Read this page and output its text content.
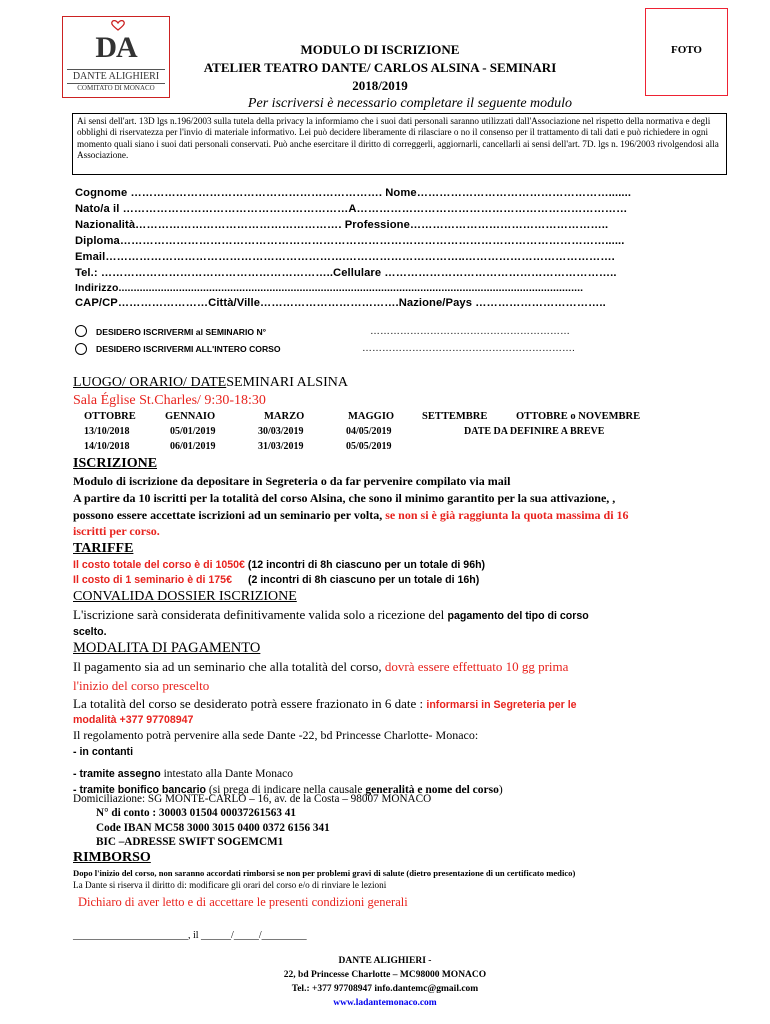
DA
DANTE ALIGHIERI
COMITATO DI MONACO
FOTO
MODULO DI ISCRIZIONE
ATELIER TEATRO DANTE/ CARLOS ALSINA - SEMINARI
2018/2019
Per iscriversi è necessario completare il seguente modulo
Ai sensi dell'art. 13D lgs n.196/2003 sulla tutela della privacy la informiamo che i suoi dati personali saranno utilizzati dall'Associazione nel rispetto della normativa e degli obblighi di riservatezza per l'invio di materiale informativo. Lei può decidere liberamente di rilasciare o no il consenso per il trattamento di tali dati e può richiedere in ogni momento quali siano i suoi dati personali conservati. Può anche esercitare il diritto di correggerli, aggiornarli, cancellarli ai sensi dell'art. 7D. lgs n. 196/2003 rivolgendosi alla Associazione.
Cognome …………………………………………………………. Nome…………………………………………….......
Nato/a il ……………………………………………………A………………………………………………………………
Nazionalità………………………………………………. Professione……………………………………………..
Diploma…………………………………………………………………………………………………………………......
Email……………………………………………………….…………………………..………………………………….
Tel.: ……………………………………………………..Cellulare ……………………………………………………..
Indirizzo..........................................................................................................................................................
CAP/CP……………………Città/Ville……………………………….Nazione/Pays ……………………………..
DESIDERO ISCRIVERMI al SEMINARIO N°	……………………………………………………
DESIDERO ISCRIVERMI ALL'INTERO CORSO	……………………………………………………….
LUOGO/ ORARIO/ DATESEMINARI ALSINA
Sala Église St.Charles/ 9:30-18:30
OTTOBRE	GENNAIO	MARZO	MAGGIO	SETTEMBRE	OTTOBRE o NOVEMBRE
13/10/2018	05/01/2019	30/03/2019	04/05/2019	DATE DA DEFINIRE A BREVE
14/10/2018	06/01/2019	31/03/2019	05/05/2019
ISCRIZIONE
Modulo di iscrizione da depositare in Segreteria o da far pervenire compilato via mail
A partire da 10 iscritti per la totalità del corso Alsina, che sono il minimo garantito per la sua attivazione, ,
possono essere accettate iscrizioni ad un seminario per volta, se non si è già raggiunta la quota massima di 16
iscritti per corso.
TARIFFE
Il costo totale del corso è di 1050€ (12 incontri di 8h ciascuno per un totale di 96h)
Il costo di 1 seminario è di 175€ (2 incontri di 8h ciascuno per un totale di 16h)
CONVALIDA DOSSIER ISCRIZIONE
L'iscrizione sarà considerata definitivamente valida solo a ricezione del pagamento del tipo di corso
scelto.
MODALITA DI PAGAMENTO
Il pagamento sia ad un seminario che alla totalità del corso, dovrà essere effettuato 10 gg prima
l'inizio del corso prescelto
La totalità del corso se desiderato potrà essere frazionato in 6 date : informarsi in Segreteria per le
modalità +377 97708947
Il regolamento potrà pervenire alla sede Dante -22, bd Princesse Charlotte- Monaco:
- in contanti
- tramite assegno intestato alla Dante Monaco
- tramite bonifico bancario (si prega di indicare nella causale generalità e nome del corso)
Domiciliazione: SG MONTE-CARLO – 16, av. de la Costa – 98007 MONACO
N° di conto : 30003 01504 00037261563 41
Code IBAN MC58 3000 3015 0400 0372 6156 341
BIC –ADRESSE SWIFT SOGEMCM1
RIMBORSO
Dopo l'inizio del corso, non saranno accordati rimborsi se non per problemi gravi di salute (dietro presentazione di un certificato medico)
La Dante si riserva il diritto di: modificare gli orari del corso e/o di rinviare le lezioni
Dichiaro di aver letto e di accettare le presenti condizioni generali
_______________________, il ______/_____/_________
DANTE ALIGHIERI -
22, bd Princesse Charlotte – MC98000 MONACO
Tel.: +377 97708947 info.dantemc@gmail.com
www.ladantemonaco.com
